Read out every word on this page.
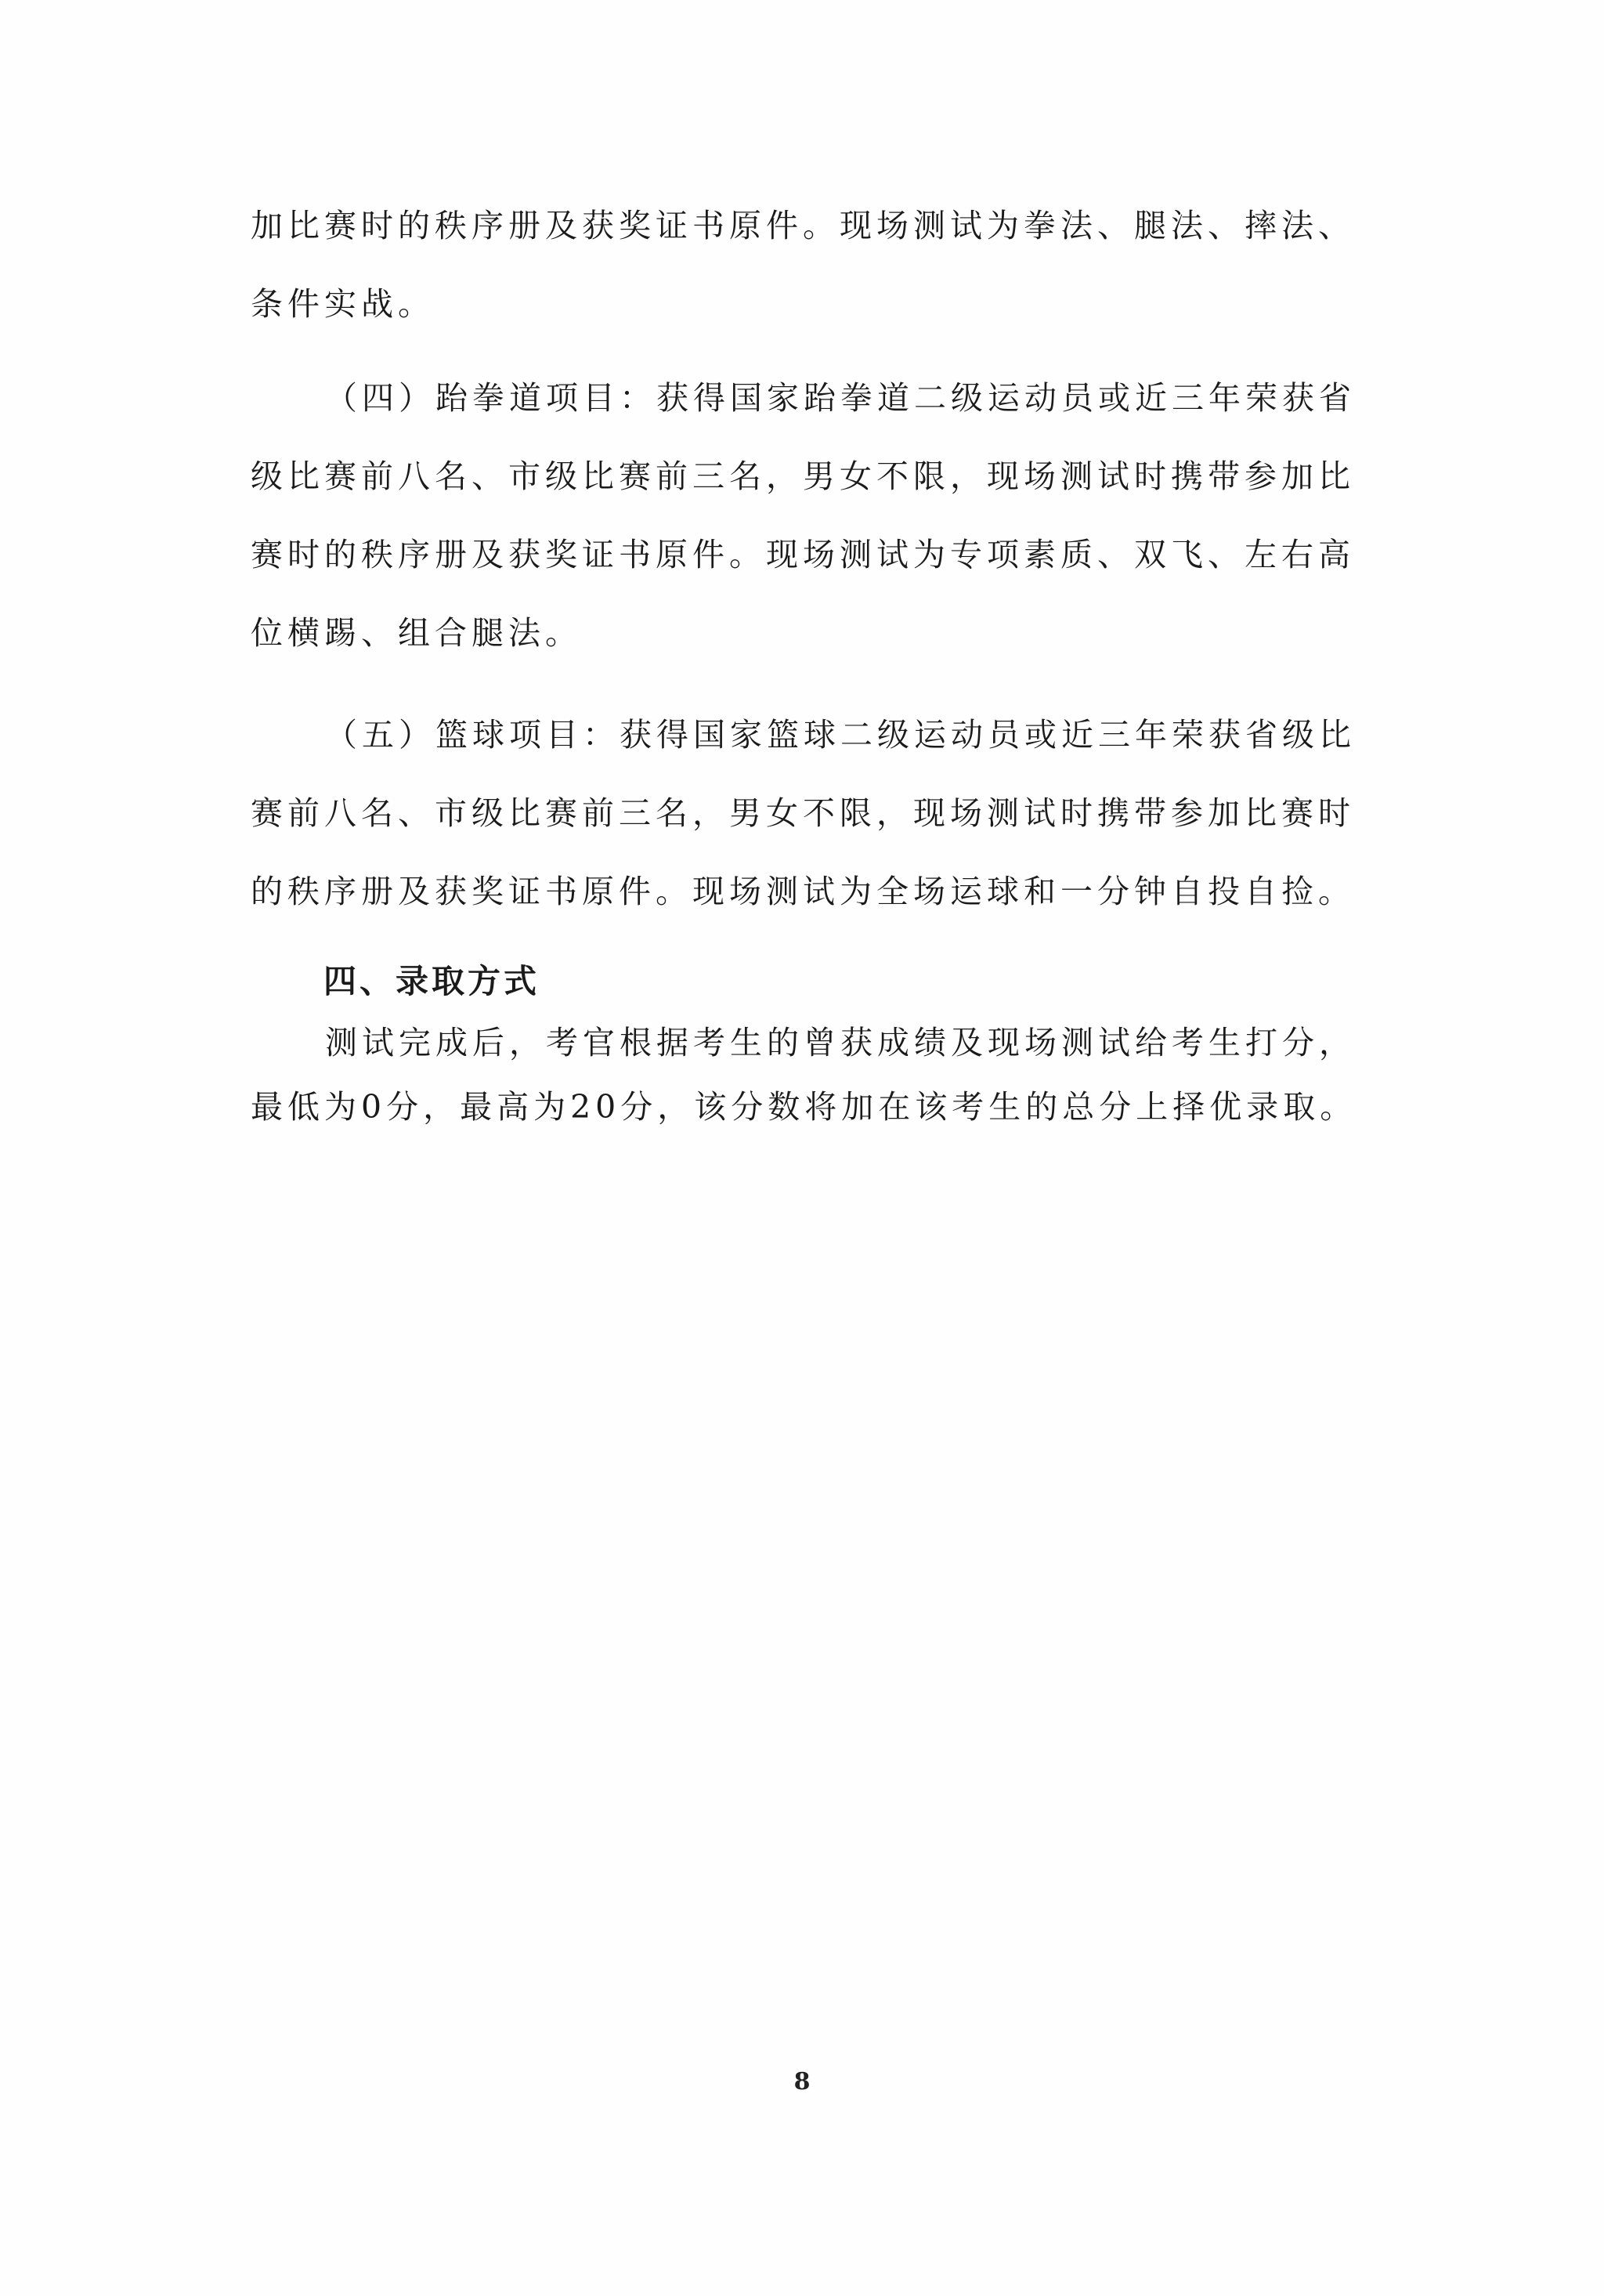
加比赛时的秩序册及获奖证书原件。现场测试为拳法、腿法、摔法、
条件实战。
（四）跆拳道项目：获得国家跆拳道二级运动员或近三年荣获省
级比赛前八名、市级比赛前三名，男女不限，现场测试时携带参加比
赛时的秩序册及获奖证书原件。现场测试为专项素质、双飞、左右高
位横踢、组合腿法。
（五）篮球项目：获得国家篮球二级运动员或近三年荣获省级比
赛前八名、市级比赛前三名，男女不限，现场测试时携带参加比赛时
的秩序册及获奖证书原件。现场测试为全场运球和一分钟自投自捡。
四、录取方式
测试完成后，考官根据考生的曾获成绩及现场测试给考生打分，
最低为0分，最高为20分，该分数将加在该考生的总分上择优录取。
8
